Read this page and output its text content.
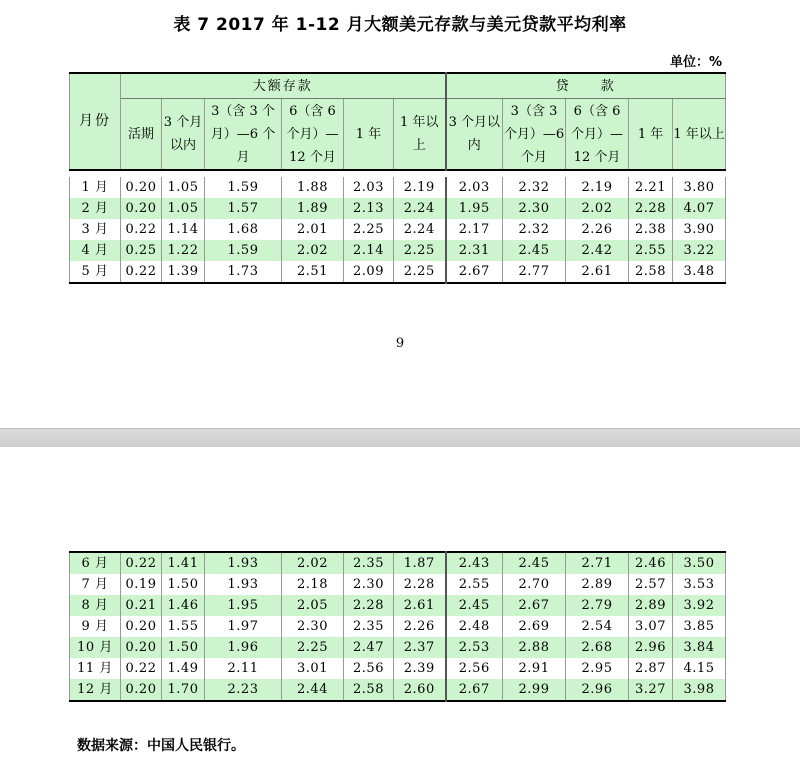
表 7 2017 年 1-12 月大额美元存款与美元贷款平均利率
单位：%
月份	大额存款						贷　　款				
	活期	3 个月以内	3（含 3 个月）—6 个月	6（含 6 个月）—12 个月	1 年	1 年以上	3 个月以内	3（含 3 个月）—6 个月	6（含 6 个月）—12 个月	1 年	1 年以上
1 月	0.20	1.05	1.59	1.88	2.03	2.19	2.03	2.32	2.19	2.21	3.80
2 月	0.20	1.05	1.57	1.89	2.13	2.24	1.95	2.30	2.02	2.28	4.07
3 月	0.22	1.14	1.68	2.01	2.25	2.24	2.17	2.32	2.26	2.38	3.90
4 月	0.25	1.22	1.59	2.02	2.14	2.25	2.31	2.45	2.42	2.55	3.22
5 月	0.22	1.39	1.73	2.51	2.09	2.25	2.67	2.77	2.61	2.58	3.48
9
6 月	0.22	1.41	1.93	2.02	2.35	1.87	2.43	2.45	2.71	2.46	3.50
7 月	0.19	1.50	1.93	2.18	2.30	2.28	2.55	2.70	2.89	2.57	3.53
8 月	0.21	1.46	1.95	2.05	2.28	2.61	2.45	2.67	2.79	2.89	3.92
9 月	0.20	1.55	1.97	2.30	2.35	2.26	2.48	2.69	2.54	3.07	3.85
10 月	0.20	1.50	1.96	2.25	2.47	2.37	2.53	2.88	2.68	2.96	3.84
11 月	0.22	1.49	2.11	3.01	2.56	2.39	2.56	2.91	2.95	2.87	4.15
12 月	0.20	1.70	2.23	2.44	2.58	2.60	2.67	2.99	2.96	3.27	3.98
数据来源：中国人民银行。
